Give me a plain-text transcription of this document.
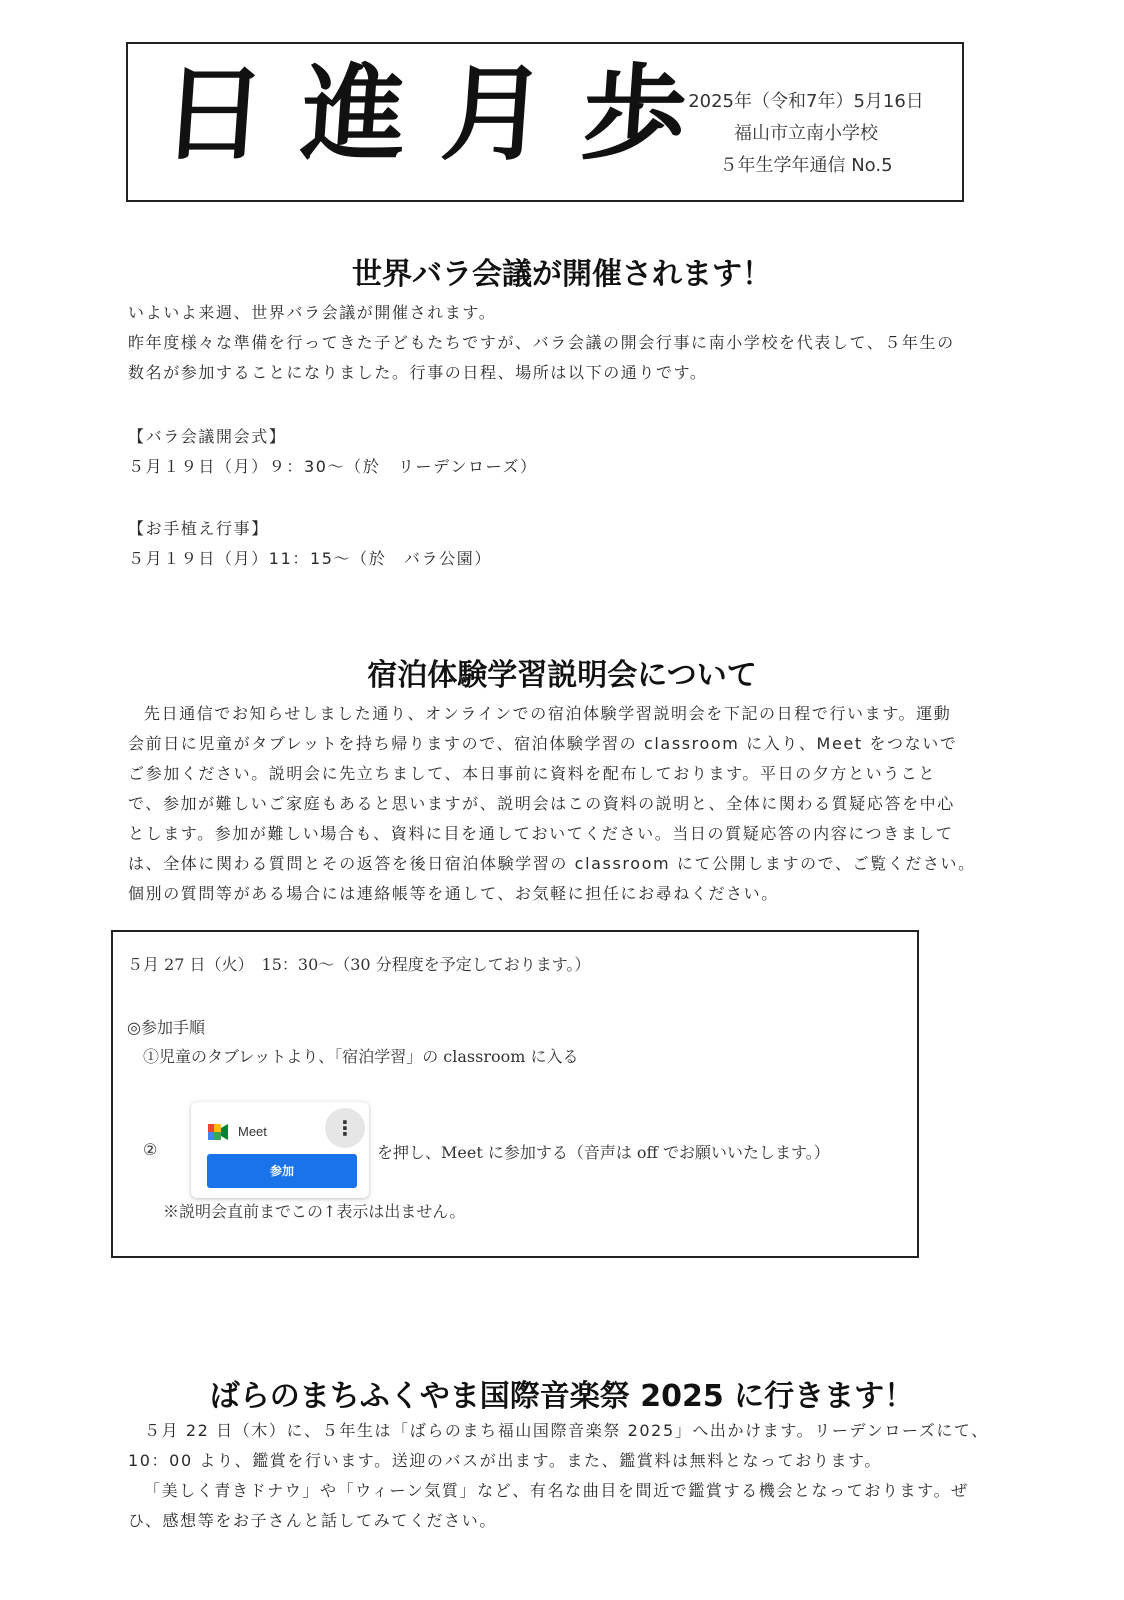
日進月歩
2025年（令和7年）5月16日
福山市立南小学校
５年生学年通信 No.5
世界バラ会議が開催されます！

いよいよ来週、世界バラ会議が開催されます。

昨年度様々な準備を行ってきた子どもたちですが、バラ会議の開会行事に南小学校を代表して、５年生の

数名が参加することになりました。行事の日程、場所は以下の通りです。

【バラ会議開会式】

５月１９日（月）９：30～（於　リーデンローズ）

【お手植え行事】

５月１９日（月）11：15～（於　バラ公園）

宿泊体験学習説明会について

先日通信でお知らせしました通り、オンラインでの宿泊体験学習説明会を下記の日程で行います。運動

会前日に児童がタブレットを持ち帰りますので、宿泊体験学習の classroom に入り、Meet をつないで

ご参加ください。説明会に先立ちまして、本日事前に資料を配布しております。平日の夕方ということ

で、参加が難しいご家庭もあると思いますが、説明会はこの資料の説明と、全体に関わる質疑応答を中心

とします。参加が難しい場合も、資料に目を通しておいてください。当日の質疑応答の内容につきまして

は、全体に関わる質問とその返答を後日宿泊体験学習の classroom にて公開しますので、ご覧ください。

個別の質問等がある場合には連絡帳等を通して、お気軽に担任にお尋ねください。

５月 27 日（火）　15：30～（30 分程度を予定しております。）
◎参加手順
①児童のタブレットより、「宿泊学習」の classroom に入る
②
Meet	⋮
参加
を押し、Meet に参加する（音声は off でお願いいたします。）
※説明会直前までこの↑表示は出ません。
ばらのまちふくやま国際音楽祭 2025 に行きます！

５月 22 日（木）に、５年生は「ばらのまち福山国際音楽祭 2025」へ出かけます。リーデンローズにて、

10：00 より、鑑賞を行います。送迎のバスが出ます。また、鑑賞料は無料となっております。

「美しく青きドナウ」や「ウィーン気質」など、有名な曲目を間近で鑑賞する機会となっております。ぜ

ひ、感想等をお子さんと話してみてください。
